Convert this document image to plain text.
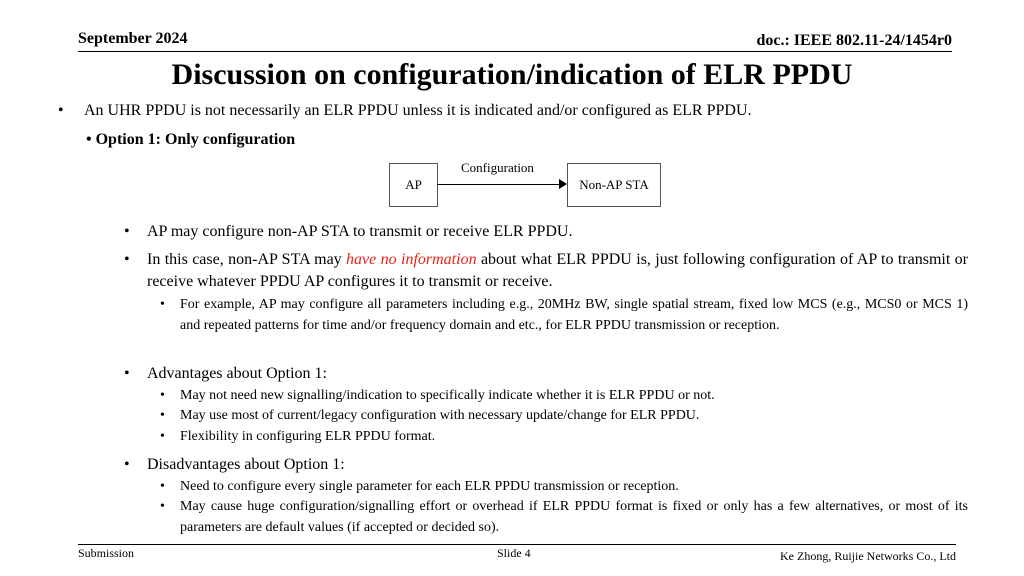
September 2024	doc.: IEEE 802.11-24/1454r0
Discussion on configuration/indication of ELR PPDU
• An UHR PPDU is not necessarily an ELR PPDU unless it is indicated and/or configured as ELR PPDU.
• Option 1: Only configuration
AP
Configuration
Non-AP STA
• AP may configure non-AP STA to transmit or receive ELR PPDU.
• In this case, non-AP STA may have no information about what ELR PPDU is, just following configuration of AP to transmit or receive whatever PPDU AP configures it to transmit or receive.
• For example, AP may configure all parameters including e.g., 20MHz BW, single spatial stream, fixed low MCS (e.g., MCS0 or MCS 1) and repeated patterns for time and/or frequency domain and etc., for ELR PPDU transmission or reception.
• Advantages about Option 1:
• May not need new signalling/indication to specifically indicate whether it is ELR PPDU or not.
• May use most of current/legacy configuration with necessary update/change for ELR PPDU.
• Flexibility in configuring ELR PPDU format.
• Disadvantages about Option 1:
• Need to configure every single parameter for each ELR PPDU transmission or reception.
• May cause huge configuration/signalling effort or overhead if ELR PPDU format is fixed or only has a few alternatives, or most of its parameters are default values (if accepted or decided so).
Submission	Slide 4	Ke Zhong, Ruijie Networks Co., Ltd
